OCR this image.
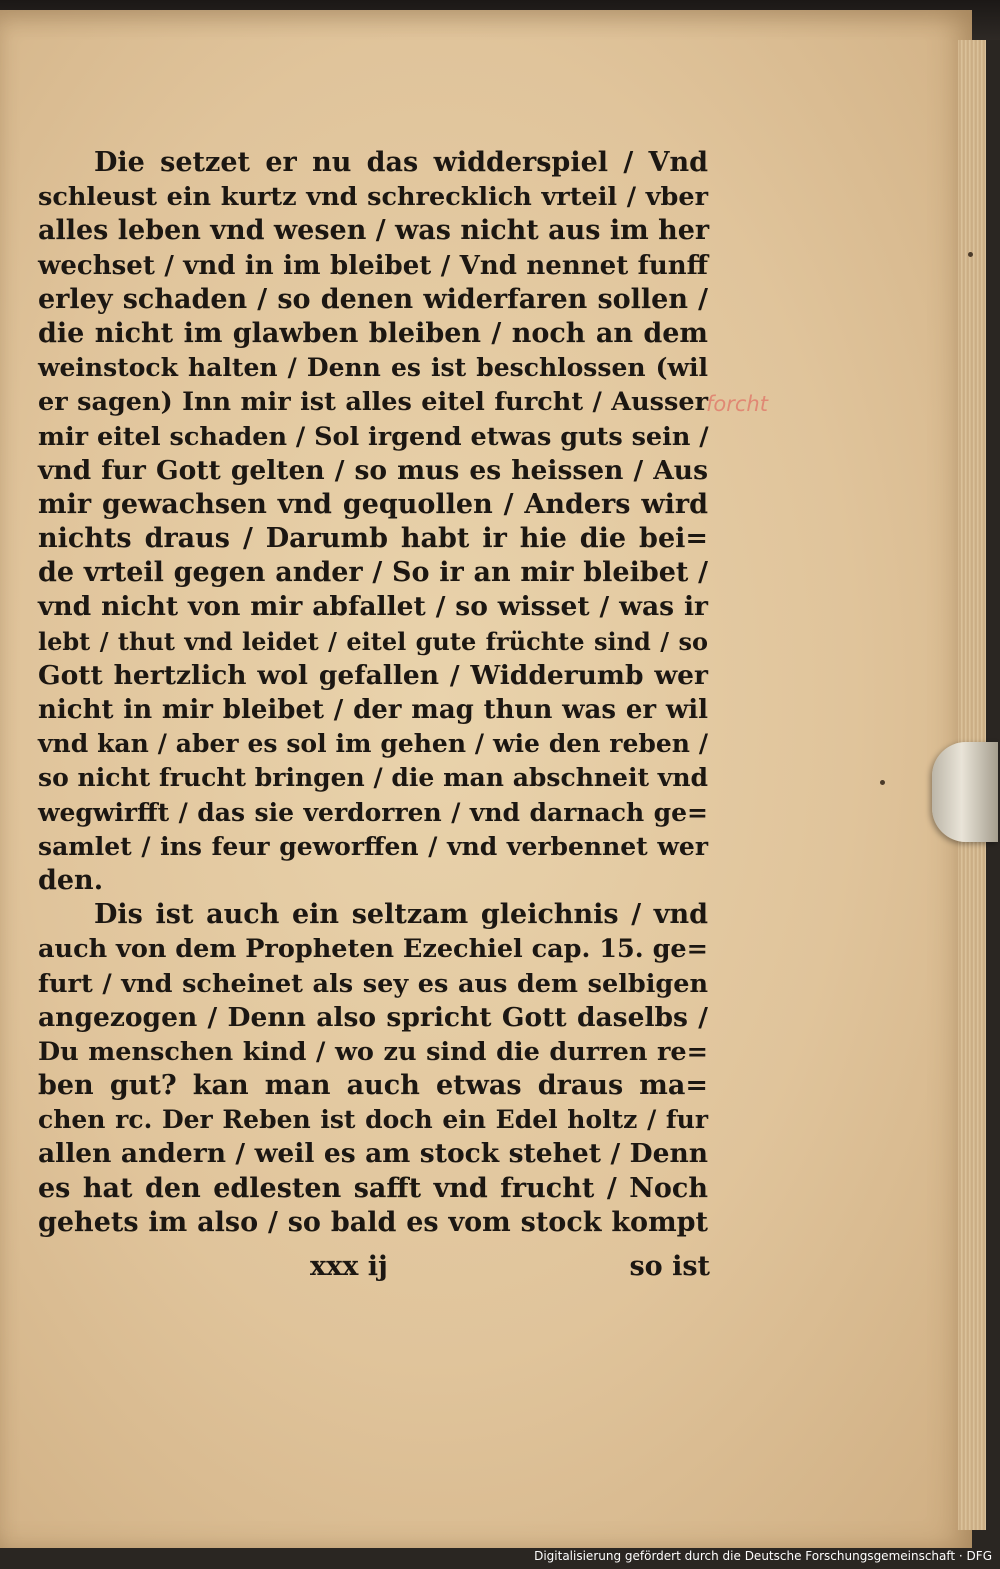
Die setzet er nu das widderspiel / Vnd
schleust ein kurtz vnd schrecklich vrteil / vber
alles leben vnd wesen / was nicht aus im her
wechset / vnd in im bleibet / Vnd nennet funff
erley schaden / so denen widerfaren sollen /
die nicht im glawben bleiben / noch an dem
weinstock halten / Denn es ist beschlossen (wil
er sagen) Inn mir ist alles eitel furcht / Ausser
mir eitel schaden / Sol irgend etwas guts sein /
vnd fur Gott gelten / so mus es heissen / Aus
mir gewachsen vnd gequollen / Anders wird
nichts draus / Darumb habt ir hie die bei=
de vrteil gegen ander / So ir an mir bleibet /
vnd nicht von mir abfallet / so wisset / was ir
lebt / thut vnd leidet / eitel gute früchte sind / so
Gott hertzlich wol gefallen / Widderumb wer
nicht in mir bleibet / der mag thun was er wil
vnd kan / aber es sol im gehen / wie den reben /
so nicht frucht bringen / die man abschneit vnd
wegwirfft / das sie verdorren / vnd darnach ge=
samlet / ins feur geworffen / vnd verbennet wer
den.
Dis ist auch ein seltzam gleichnis / vnd
auch von dem Propheten Ezechiel cap. 15. ge=
furt / vnd scheinet als sey es aus dem selbigen
angezogen / Denn also spricht Gott daselbs /
Du menschen kind / wo zu sind die durren re=
ben gut? kan man auch etwas draus ma=
chen rc. Der Reben ist doch ein Edel holtz / fur
allen andern / weil es am stock stehet / Denn
es hat den edlesten safft vnd frucht / Noch
gehets im also / so bald es vom stock kompt
xxx ij	so ist
forcht
Digitalisierung gefördert durch die Deutsche Forschungsgemeinschaft · DFG
